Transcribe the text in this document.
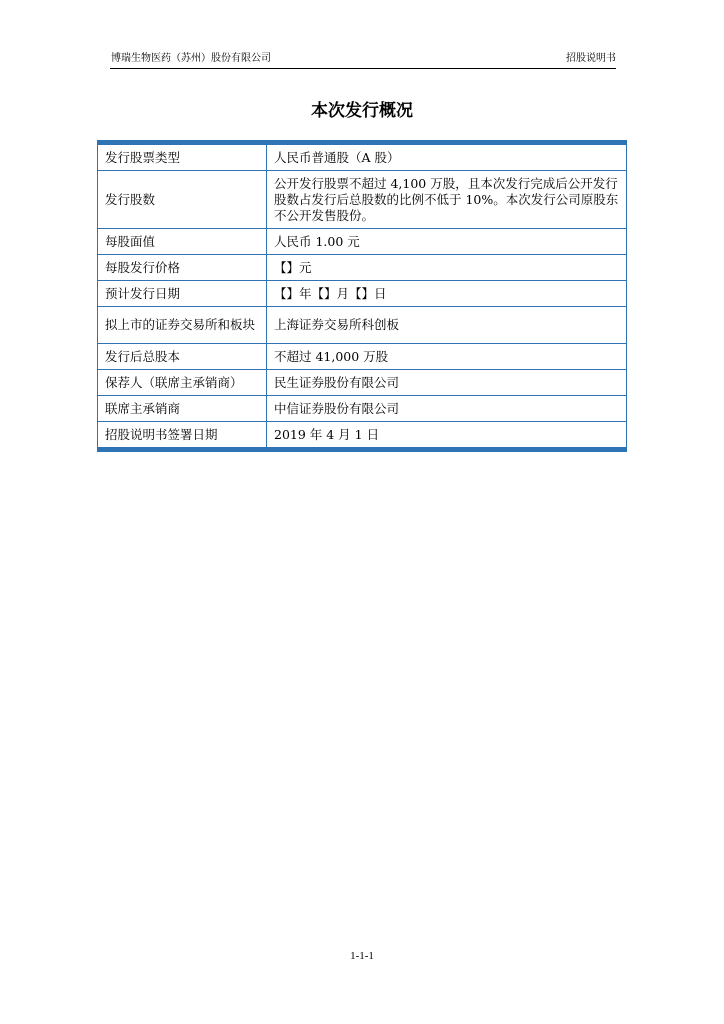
博瑞生物医药（苏州）股份有限公司	招股说明书
本次发行概况
发行股票类型	人民币普通股（A 股）
发行股数	公开发行股票不超过 4,100 万股，且本次发行完成后公开发行股数占发行后总股数的比例不低于 10%。本次发行公司原股东不公开发售股份。
每股面值	人民币 1.00 元
每股发行价格	【】元
预计发行日期	【】年【】月【】日
拟上市的证券交易所和板块	上海证券交易所科创板
发行后总股本	不超过 41,000 万股
保荐人（联席主承销商）	民生证券股份有限公司
联席主承销商	中信证券股份有限公司
招股说明书签署日期	2019 年 4 月 1 日
1-1-1
